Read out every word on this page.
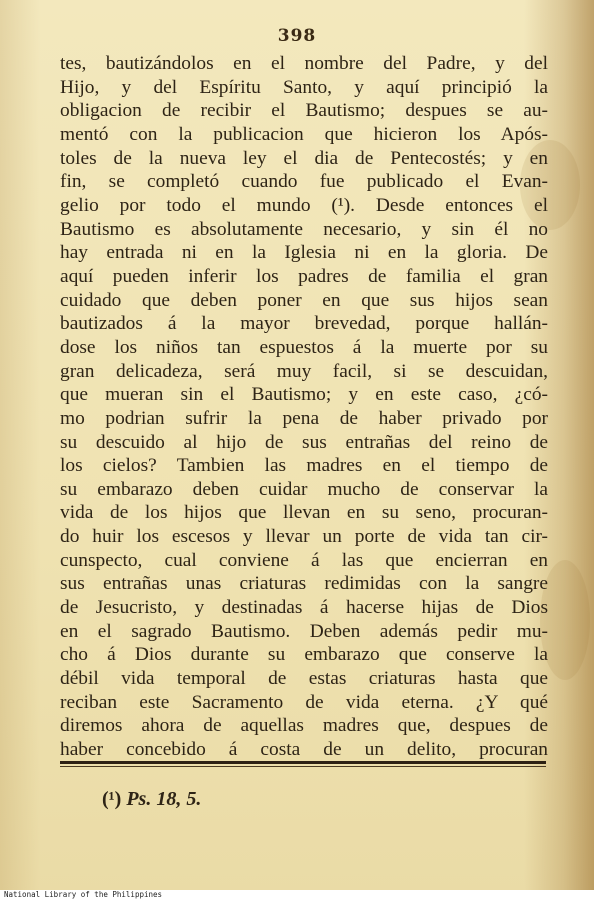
398
tes, bautizándolos en el nombre del Padre, y del
Hijo, y del Espíritu Santo, y aquí principió la
obligacion de recibir el Bautismo; despues se au-
mentó con la publicacion que hicieron los Após-
toles de la nueva ley el dia de Pentecostés; y en
fin, se completó cuando fue publicado el Evan-
gelio por todo el mundo (¹). Desde entonces el
Bautismo es absolutamente necesario, y sin él no
hay entrada ni en la Iglesia ni en la gloria. De
aquí pueden inferir los padres de familia el gran
cuidado que deben poner en que sus hijos sean
bautizados á la mayor brevedad, porque hallán-
dose los niños tan espuestos á la muerte por su
gran delicadeza, será muy facil, si se descuidan,
que mueran sin el Bautismo; y en este caso, ¿có-
mo podrian sufrir la pena de haber privado por
su descuido al hijo de sus entrañas del reino de
los cielos? Tambien las madres en el tiempo de
su embarazo deben cuidar mucho de conservar la
vida de los hijos que llevan en su seno, procuran-
do huir los escesos y llevar un porte de vida tan cir-
cunspecto, cual conviene á las que encierran en
sus entrañas unas criaturas redimidas con la sangre
de Jesucristo, y destinadas á hacerse hijas de Dios
en el sagrado Bautismo. Deben además pedir mu-
cho á Dios durante su embarazo que conserve la
débil vida temporal de estas criaturas hasta que
reciban este Sacramento de vida eterna. ¿Y qué
diremos ahora de aquellas madres que, despues de
haber concebido á costa de un delito, procuran
(¹) Ps. 18, 5.
National Library of the Philippines
